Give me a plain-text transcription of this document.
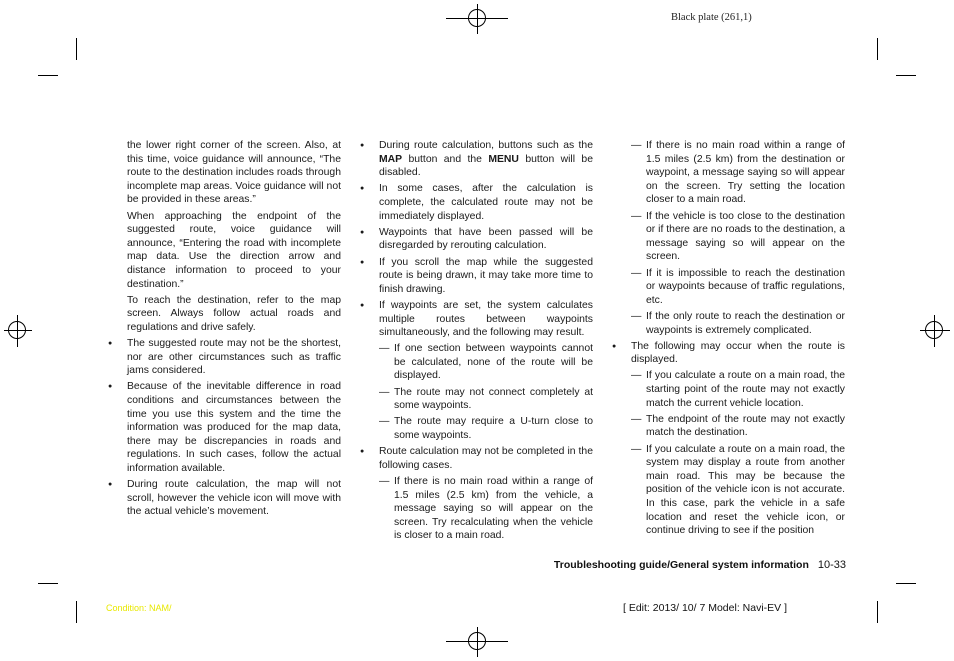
Black plate (261,1)

the lower right corner of the screen. Also, at this time, voice guidance will announce, “The route to the destination includes roads through incomplete map areas. Voice guidance will not be provided in these areas.”

When approaching the endpoint of the suggested route, voice guidance will announce, “Entering the road with incomplete map data. Use the direction arrow and distance information to proceed to your destination.”

To reach the destination, refer to the map screen. Always follow actual roads and regulations and drive safely.

● The suggested route may not be the shortest, nor are other circumstances such as traffic jams considered.

● Because of the inevitable difference in road conditions and circumstances between the time you use this system and the time the information was produced for the map data, there may be discrepancies in roads and regulations. In such cases, follow the actual information available.

● During route calculation, the map will not scroll, however the vehicle icon will move with the actual vehicle’s movement.

● During route calculation, buttons such as the MAP button and the MENU button will be disabled.

● In some cases, after the calculation is complete, the calculated route may not be immediately displayed.

● Waypoints that have been passed will be disregarded by rerouting calculation.

● If you scroll the map while the suggested route is being drawn, it may take more time to finish drawing.

● If waypoints are set, the system calculates multiple routes between waypoints simultaneously, and the following may result.

— If one section between waypoints cannot be calculated, none of the route will be displayed.

— The route may not connect completely at some waypoints.

— The route may require a U-turn close to some waypoints.

● Route calculation may not be completed in the following cases.

— If there is no main road within a range of 1.5 miles (2.5 km) from the vehicle, a message saying so will appear on the screen. Try recalculating when the vehicle is closer to a main road.

— If there is no main road within a range of 1.5 miles (2.5 km) from the destination or waypoint, a message saying so will appear on the screen. Try setting the location closer to a main road.

— If the vehicle is too close to the destination or if there are no roads to the destination, a message saying so will appear on the screen.

— If it is impossible to reach the destination or waypoints because of traffic regulations, etc.

— If the only route to reach the destination or waypoints is extremely complicated.

● The following may occur when the route is displayed.

— If you calculate a route on a main road, the starting point of the route may not exactly match the current vehicle location.

— The endpoint of the route may not exactly match the destination.

— If you calculate a route on a main road, the system may display a route from another main road. This may be because the position of the vehicle icon is not accurate. In this case, park the vehicle in a safe location and reset the vehicle icon, or continue driving to see if the position

Troubleshooting guide/General system information 10-33
Condition: NAM/	[ Edit: 2013/ 10/ 7 Model: Navi-EV ]
